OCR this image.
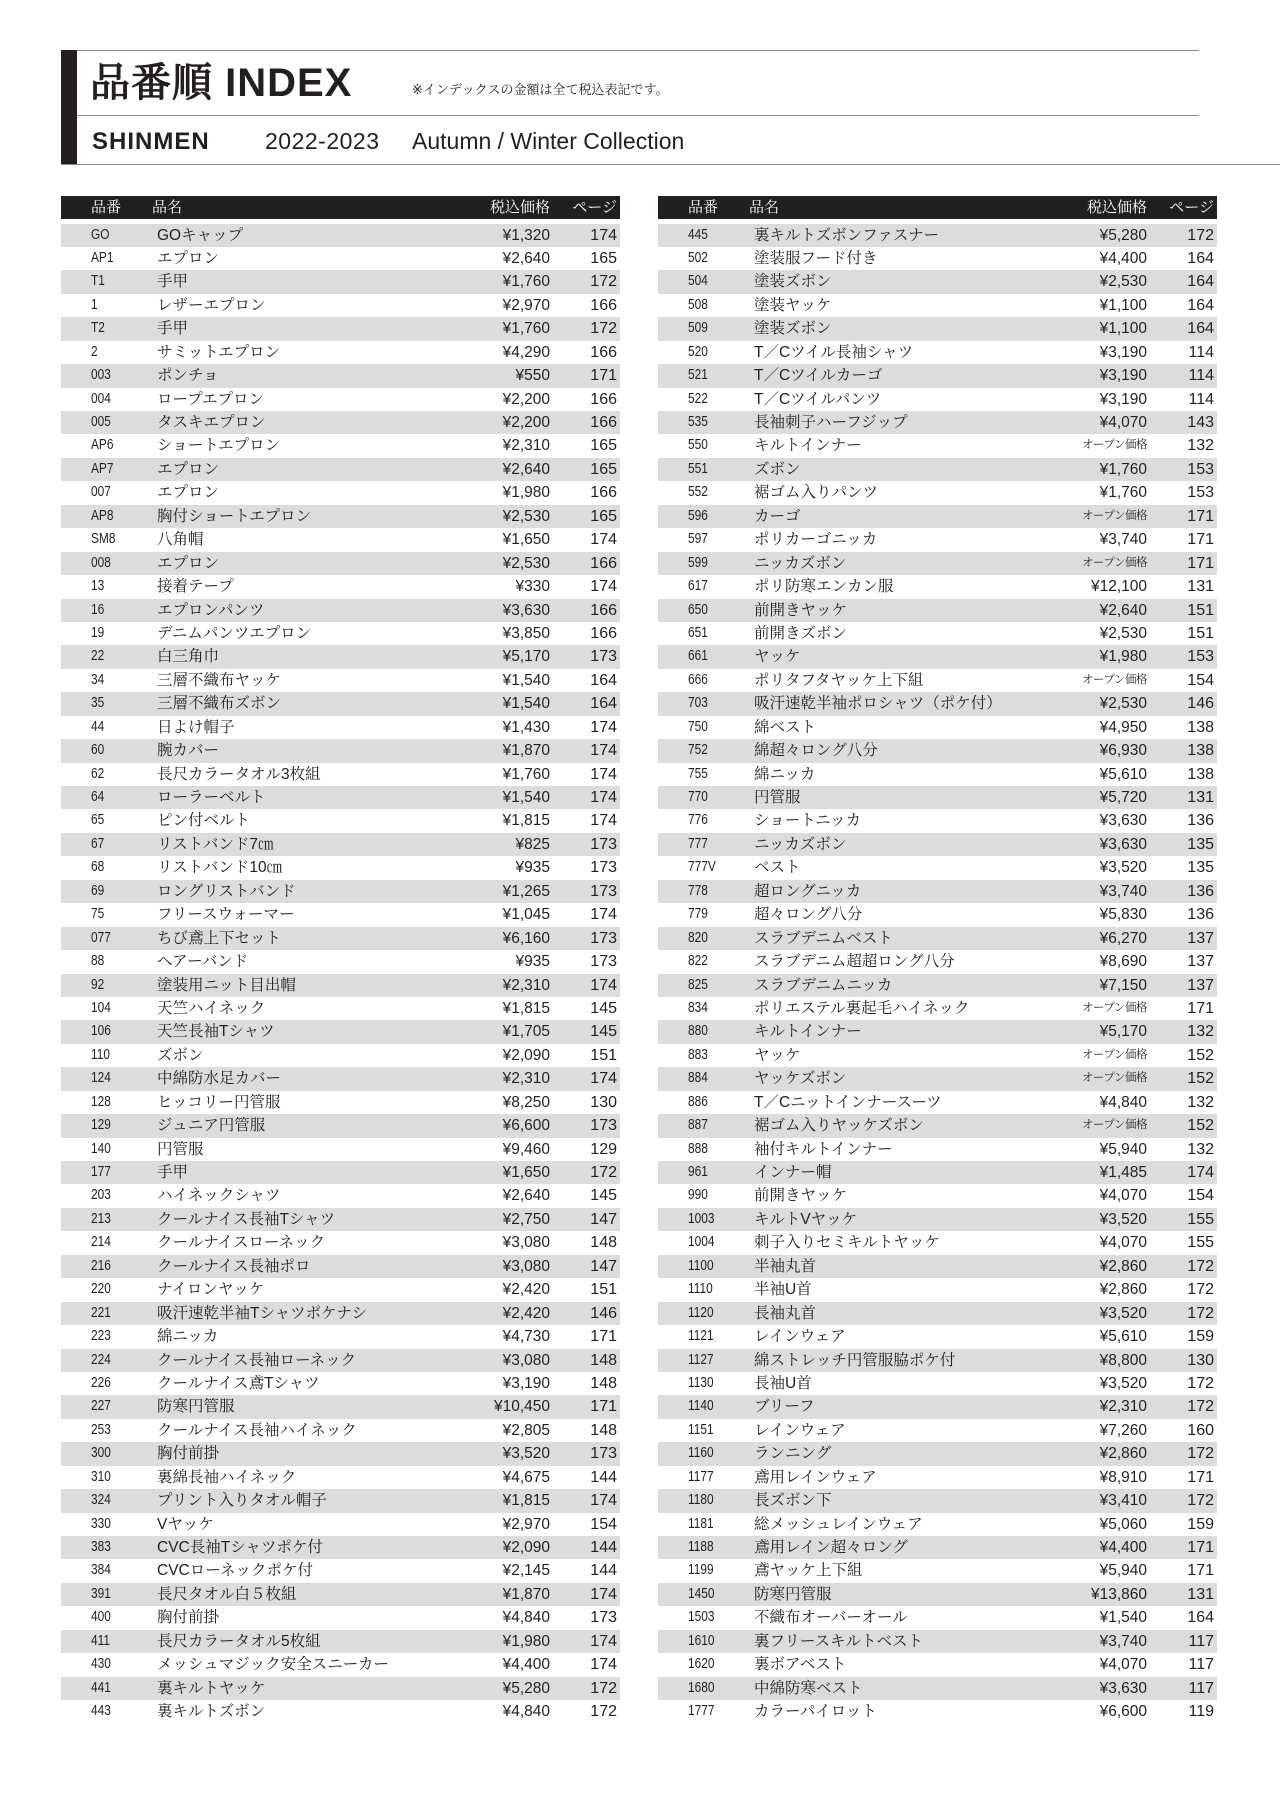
品番順 INDEX	※インデックスの金額は全て税込表記です。
SHINMEN 2022-2023 Autumn / Winter Collection
品番 品名	税込価格 ページ
GO	GOキャップ	¥1,320	174
AP1	エプロン	¥2,640	165
T1	手甲	¥1,760	172
1	レザーエプロン	¥2,970	166
T2	手甲	¥1,760	172
2	サミットエプロン	¥4,290	166
003	ポンチョ	¥550	171
004	ロープエプロン	¥2,200	166
005	タスキエプロン	¥2,200	166
AP6	ショートエプロン	¥2,310	165
AP7	エプロン	¥2,640	165
007	エプロン	¥1,980	166
AP8	胸付ショートエプロン	¥2,530	165
SM8	八角帽	¥1,650	174
008	エプロン	¥2,530	166
13	接着テープ	¥330	174
16	エプロンパンツ	¥3,630	166
19	デニムパンツエプロン	¥3,850	166
22	白三角巾	¥5,170	173
34	三層不織布ヤッケ	¥1,540	164
35	三層不織布ズボン	¥1,540	164
44	日よけ帽子	¥1,430	174
60	腕カバー	¥1,870	174
62	長尺カラータオル3枚組	¥1,760	174
64	ローラーベルト	¥1,540	174
65	ピン付ベルト	¥1,815	174
67	リストバンド7㎝	¥825	173
68	リストバンド10㎝	¥935	173
69	ロングリストバンド	¥1,265	173
75	フリースウォーマー	¥1,045	174
077	ちび鳶上下セット	¥6,160	173
88	ヘアーバンド	¥935	173
92	塗装用ニット目出帽	¥2,310	174
104	天竺ハイネック	¥1,815	145
106	天竺長袖Tシャツ	¥1,705	145
110	ズボン	¥2,090	151
124	中綿防水足カバー	¥2,310	174
128	ヒッコリー円管服	¥8,250	130
129	ジュニア円管服	¥6,600	173
140	円管服	¥9,460	129
177	手甲	¥1,650	172
203	ハイネックシャツ	¥2,640	145
213	クールナイス長袖Tシャツ	¥2,750	147
214	クールナイスローネック	¥3,080	148
216	クールナイス長袖ポロ	¥3,080	147
220	ナイロンヤッケ	¥2,420	151
221	吸汗速乾半袖Tシャツポケナシ	¥2,420	146
223	綿ニッカ	¥4,730	171
224	クールナイス長袖ローネック	¥3,080	148
226	クールナイス鳶Tシャツ	¥3,190	148
227	防寒円管服	¥10,450	171
253	クールナイス長袖ハイネック	¥2,805	148
300	胸付前掛	¥3,520	173
310	裏綿長袖ハイネック	¥4,675	144
324	プリント入りタオル帽子	¥1,815	174
330	Vヤッケ	¥2,970	154
383	CVC長袖Tシャツポケ付	¥2,090	144
384	CVCローネックポケ付	¥2,145	144
391	長尺タオル白５枚組	¥1,870	174
400	胸付前掛	¥4,840	173
411	長尺カラータオル5枚組	¥1,980	174
430	メッシュマジック安全スニーカー	¥4,400	174
441	裏キルトヤッケ	¥5,280	172
443	裏キルトズボン	¥4,840	172
品番 品名	税込価格 ページ
445	裏キルトズボンファスナー	¥5,280	172
502	塗装服フード付き	¥4,400	164
504	塗装ズボン	¥2,530	164
508	塗装ヤッケ	¥1,100	164
509	塗装ズボン	¥1,100	164
520	T／Cツイル長袖シャツ	¥3,190	114
521	T／Cツイルカーゴ	¥3,190	114
522	T／Cツイルパンツ	¥3,190	114
535	長袖刺子ハーフジップ	¥4,070	143
550	キルトインナー	オープン価格	132
551	ズボン	¥1,760	153
552	裾ゴム入りパンツ	¥1,760	153
596	カーゴ	オープン価格	171
597	ポリカーゴニッカ	¥3,740	171
599	ニッカズボン	オープン価格	171
617	ポリ防寒エンカン服	¥12,100	131
650	前開きヤッケ	¥2,640	151
651	前開きズボン	¥2,530	151
661	ヤッケ	¥1,980	153
666	ポリタフタヤッケ上下組	オープン価格	154
703	吸汗速乾半袖ポロシャツ（ポケ付）	¥2,530	146
750	綿ベスト	¥4,950	138
752	綿超々ロング八分	¥6,930	138
755	綿ニッカ	¥5,610	138
770	円管服	¥5,720	131
776	ショートニッカ	¥3,630	136
777	ニッカズボン	¥3,630	135
777V ベスト	¥3,520	135
778	超ロングニッカ	¥3,740	136
779	超々ロング八分	¥5,830	136
820	スラブデニムベスト	¥6,270	137
822	スラブデニム超超ロング八分	¥8,690	137
825	スラブデニムニッカ	¥7,150	137
834	ポリエステル裏起毛ハイネック	オープン価格	171
880	キルトインナー	¥5,170	132
883	ヤッケ	オープン価格	152
884	ヤッケズボン	オープン価格	152
886	T／Cニットインナースーツ	¥4,840	132
887	裾ゴム入りヤッケズボン	オープン価格	152
888	袖付キルトインナー	¥5,940	132
961	インナー帽	¥1,485	174
990	前開きヤッケ	¥4,070	154
1003	キルトVヤッケ	¥3,520	155
1004	刺子入りセミキルトヤッケ	¥4,070	155
1100	半袖丸首	¥2,860	172
1110	半袖U首	¥2,860	172
1120	長袖丸首	¥3,520	172
1121	レインウェア	¥5,610	159
1127	綿ストレッチ円管服脇ポケ付	¥8,800	130
1130	長袖U首	¥3,520	172
1140	ブリーフ	¥2,310	172
1151	レインウェア	¥7,260	160
1160	ランニング	¥2,860	172
1177	鳶用レインウェア	¥8,910	171
1180	長ズボン下	¥3,410	172
1181	総メッシュレインウェア	¥5,060	159
1188	鳶用レイン超々ロング	¥4,400	171
1199	鳶ヤッケ上下組	¥5,940	171
1450	防寒円管服	¥13,860	131
1503	不織布オーバーオール	¥1,540	164
1610	裏フリースキルトベスト	¥3,740	117
1620	裏ボアベスト	¥4,070	117
1680	中綿防寒ベスト	¥3,630	117
1777	カラーパイロット	¥6,600	119
